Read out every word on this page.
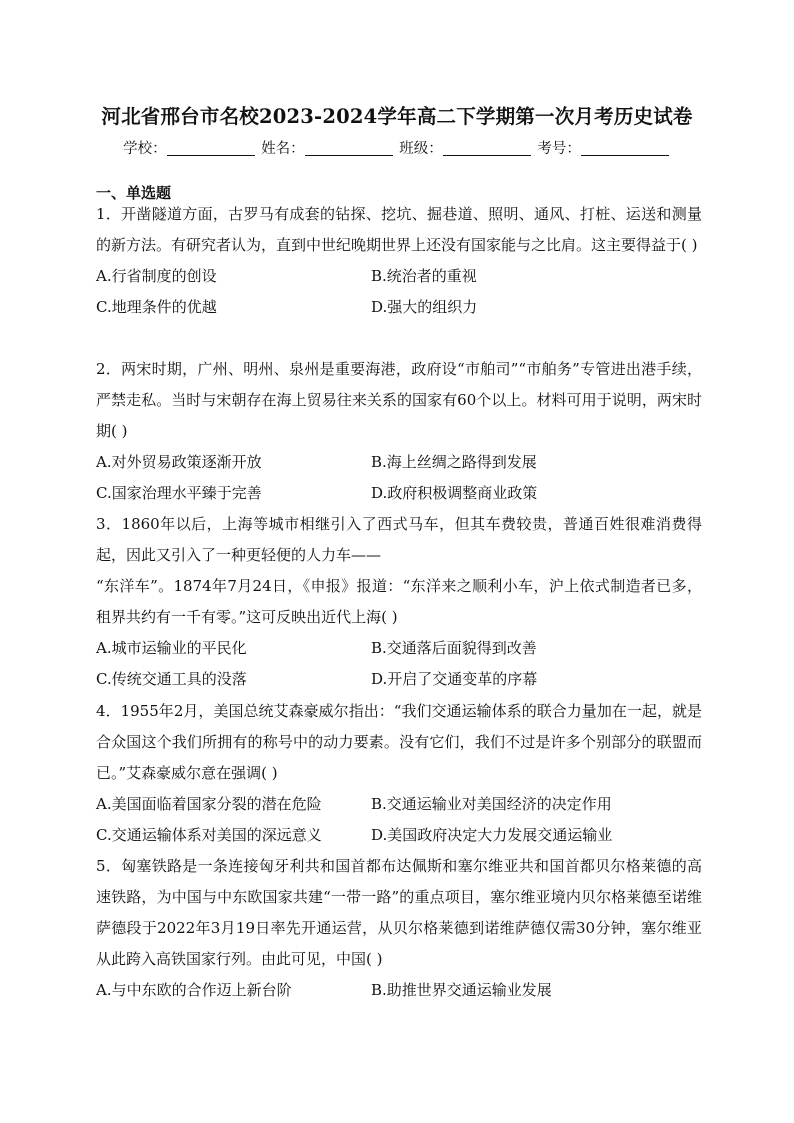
河北省邢台市名校2023-2024学年高二下学期第一次月考历史试卷
学校：	姓名：	班级：	考号：
一、单选题

1．开凿隧道方面，古罗马有成套的钻探、挖坑、掘巷道、照明、通风、打桩、运送和测量的新方法。有研究者认为，直到中世纪晚期世界上还没有国家能与之比肩。这主要得益于( )

A.行省制度的创设	B.统治者的重视
C.地理条件的优越	D.强大的组织力

2．两宋时期，广州、明州、泉州是重要海港，政府设“市舶司”“市舶务”专管进出港手续，严禁走私。当时与宋朝存在海上贸易往来关系的国家有60个以上。材料可用于说明，两宋时期( )

A.对外贸易政策逐渐开放	B.海上丝绸之路得到发展
C.国家治理水平臻于完善	D.政府积极调整商业政策

3．1860年以后，上海等城市相继引入了西式马车，但其车费较贵，普通百姓很难消费得起，因此又引入了一种更轻便的人力车——

“东洋车”。1874年7月24日，《申报》报道：“东洋来之顺利小车，沪上依式制造者已多，租界共约有一千有零。”这可反映出近代上海( )

A.城市运输业的平民化	B.交通落后面貌得到改善
C.传统交通工具的没落	D.开启了交通变革的序幕

4．1955年2月，美国总统艾森豪威尔指出：“我们交通运输体系的联合力量加在一起，就是合众国这个我们所拥有的称号中的动力要素。没有它们，我们不过是许多个别部分的联盟而已。”艾森豪威尔意在强调( )

A.美国面临着国家分裂的潜在危险	B.交通运输业对美国经济的决定作用
C.交通运输体系对美国的深远意义	D.美国政府决定大力发展交通运输业

5．匈塞铁路是一条连接匈牙利共和国首都布达佩斯和塞尔维亚共和国首都贝尔格莱德的高速铁路，为中国与中东欧国家共建“一带一路”的重点项目，塞尔维亚境内贝尔格莱德至诺维萨德段于2022年3月19日率先开通运营，从贝尔格莱德到诺维萨德仅需30分钟，塞尔维亚从此跨入高铁国家行列。由此可见，中国( )

A.与中东欧的合作迈上新台阶	B.助推世界交通运输业发展
